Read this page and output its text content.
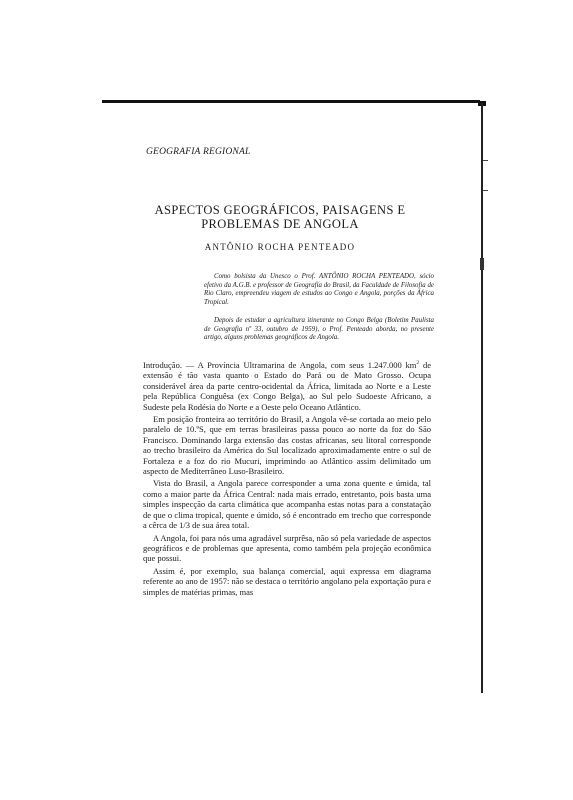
GEOGRAFIA REGIONAL
ASPECTOS GEOGRÁFICOS, PAISAGENS E
PROBLEMAS DE ANGOLA
ANTÔNIO ROCHA PENTEADO
Como bolsista da Unesco o Prof. ANTÔNIO ROCHA PENTEADO, sócio efetivo da A.G.B. e professor de Geografia do Brasil, da Faculdade de Filosofia de Rio Claro, empreendeu viagem de estudos ao Congo e Angola, porções da África Tropical.
Depois de estudar a agricultura itinerante no Congo Belga (Boletim Paulista de Geografia nº 33, outubro de 1959), o Prof. Penteado aborda, no presente artigo, alguns problemas geográficos de Angola.

Introdução. — A Província Ultramarina de Angola, com seus 1.247.000 $km^2$ de extensão é tão vasta quanto o Estado do Pará ou de Mato Grosso. Ocupa considerável área da parte centro-ocidental da África, limitada ao Norte e a Leste pela República Conguêsa (ex Congo Belga), ao Sul pelo Sudoeste Africano, a Sudeste pela Rodésia do Norte e a Oeste pelo Oceano Atlântico.

Em posição fronteira ao território do Brasil, a Angola vê-se cortada ao meio pelo paralelo de 10.ºS, que em terras brasileiras passa pouco ao norte da foz do São Francisco. Dominando larga extensão das costas africanas, seu litoral corresponde ao trecho brasileiro da América do Sul localizado aproximadamente entre o sul de Fortaleza e a foz do rio Mucuri, imprimindo ao Atlântico assim delimitado um aspecto de Mediterrâneo Luso-Brasileiro.

Vista do Brasil, a Angola parece corresponder a uma zona quente e úmida, tal como a maior parte da África Central: nada mais errado, entretanto, pois basta uma simples inspecção da carta climática que acompanha estas notas para a constatação de que o clima tropical, quente e úmido, só é encontrado em trecho que corresponde a cêrca de 1/3 de sua área total.

A Angola, foi para nós uma agradável surprêsa, não só pela variedade de aspectos geográficos e de problemas que apresenta, como também pela projeção econômica que possui.

Assim é, por exemplo, sua balança comercial, aqui expressa em diagrama referente ao ano de 1957: não se destaca o território angolano pela exportação pura e simples de matérias primas, mas
